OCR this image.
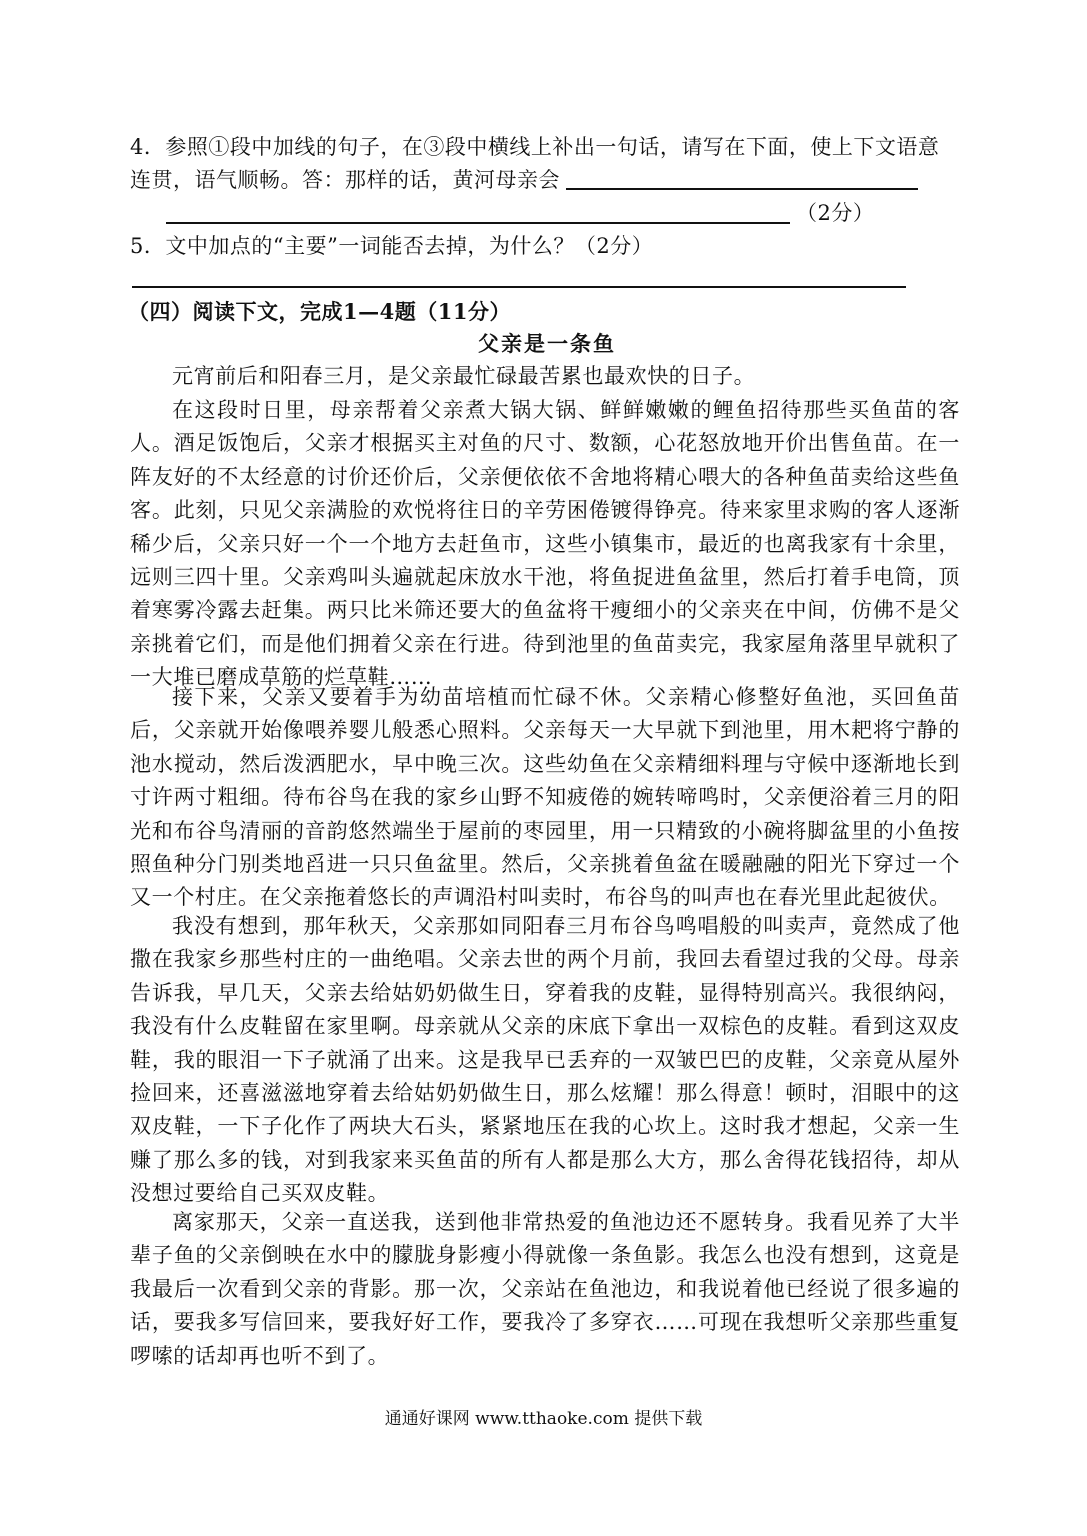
4．参照①段中加线的句子，在③段中横线上补出一句话，请写在下面，使上下文语意
连贯，语气顺畅。答：那样的话，黄河母亲会
（2分）
5．文中加点的“主要”一词能否去掉，为什么？（2分）
（四）阅读下文，完成1—4题（11分）
父亲是一条鱼
元宵前后和阳春三月，是父亲最忙碌最苦累也最欢快的日子。
在这段时日里，母亲帮着父亲煮大锅大锅、鲜鲜嫩嫩的鲤鱼招待那些买鱼苗的客人。酒足饭饱后，父亲才根据买主对鱼的尺寸、数额，心花怒放地开价出售鱼苗。在一阵友好的不太经意的讨价还价后，父亲便依依不舍地将精心喂大的各种鱼苗卖给这些鱼客。此刻，只见父亲满脸的欢悦将往日的辛劳困倦镀得铮亮。待来家里求购的客人逐渐稀少后，父亲只好一个一个地方去赶鱼市，这些小镇集市，最近的也离我家有十余里，远则三四十里。父亲鸡叫头遍就起床放水干池，将鱼捉进鱼盆里，然后打着手电筒，顶着寒雾冷露去赶集。两只比米筛还要大的鱼盆将干瘦细小的父亲夹在中间，仿佛不是父亲挑着它们，而是他们拥着父亲在行进。待到池里的鱼苗卖完，我家屋角落里早就积了一大堆已磨成草筋的烂草鞋……
接下来，父亲又要着手为幼苗培植而忙碌不休。父亲精心修整好鱼池，买回鱼苗后，父亲就开始像喂养婴儿般悉心照料。父亲每天一大早就下到池里，用木耙将宁静的池水搅动，然后泼洒肥水，早中晚三次。这些幼鱼在父亲精细料理与守候中逐渐地长到寸许两寸粗细。待布谷鸟在我的家乡山野不知疲倦的婉转啼鸣时，父亲便浴着三月的阳光和布谷鸟清丽的音韵悠然端坐于屋前的枣园里，用一只精致的小碗将脚盆里的小鱼按照鱼种分门别类地舀进一只只鱼盆里。然后，父亲挑着鱼盆在暖融融的阳光下穿过一个又一个村庄。在父亲拖着悠长的声调沿村叫卖时，布谷鸟的叫声也在春光里此起彼伏。
我没有想到，那年秋天，父亲那如同阳春三月布谷鸟鸣唱般的叫卖声，竟然成了他撒在我家乡那些村庄的一曲绝唱。父亲去世的两个月前，我回去看望过我的父母。母亲告诉我，早几天，父亲去给姑奶奶做生日，穿着我的皮鞋，显得特别高兴。我很纳闷，我没有什么皮鞋留在家里啊。母亲就从父亲的床底下拿出一双棕色的皮鞋。看到这双皮鞋，我的眼泪一下子就涌了出来。这是我早已丢弃的一双皱巴巴的皮鞋，父亲竟从屋外捡回来，还喜滋滋地穿着去给姑奶奶做生日，那么炫耀！那么得意！顿时，泪眼中的这双皮鞋，一下子化作了两块大石头，紧紧地压在我的心坎上。这时我才想起，父亲一生赚了那么多的钱，对到我家来买鱼苗的所有人都是那么大方，那么舍得花钱招待，却从没想过要给自己买双皮鞋。
离家那天，父亲一直送我，送到他非常热爱的鱼池边还不愿转身。我看见养了大半辈子鱼的父亲倒映在水中的朦胧身影瘦小得就像一条鱼影。我怎么也没有想到，这竟是我最后一次看到父亲的背影。那一次，父亲站在鱼池边，和我说着他已经说了很多遍的话，要我多写信回来，要我好好工作，要我冷了多穿衣……可现在我想听父亲那些重复啰嗦的话却再也听不到了。
通通好课网 www.tthaoke.com 提供下载
